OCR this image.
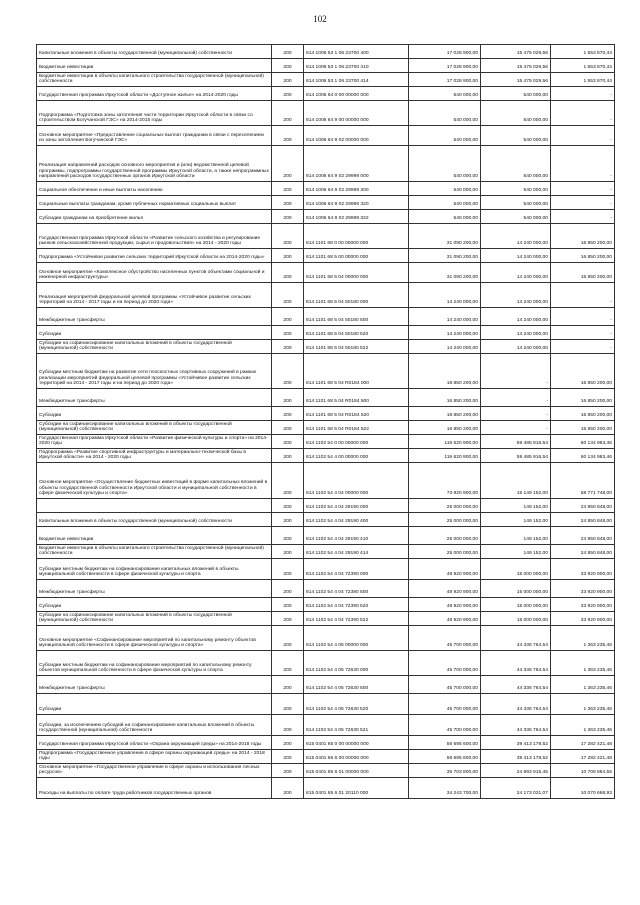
102
Капитальные вложения в объекты государственной (муниципальной) собственности	200	814 1006 53 1 06 23700 400	17 028 900,00	15 475 029,56	1 553 870,44
Бюджетные инвестиции	200	814 1006 53 1 06 23700 410	17 028 900,00	15 475 029,56	1 553 870,44
Бюджетные инвестиции в объекты капитального строительства государственной (муниципальной) собственности	200	814 1006 53 1 06 23700 414	17 028 900,00	15 475 029,56	1 553 870,44
Государственная программа Иркутской области «Доступное жилье» на 2014-2020 годы	200	814 1006 64 0 00 00000 000	540 000,00	540 000,00	-
Подпрограмма «Подготовка зоны затопления части территории Иркутской области в связи со строительством Богучанской ГЭС» на 2014-2015 годы	200	814 1006 64 9 00 00000 000	540 000,00	540 000,00	-
Основное мероприятие «Предоставление социальных выплат гражданам в связи с переселением из зоны затопления Богучанской ГЭС»	200	814 1006 64 9 02 00000 000	540 000,00	540 000,00	-
Реализация направлений расходов основного мероприятия и (или) ведомственной целевой программы, подпрограммы государственной программы Иркутской области, а также непрограммных направлений расходов государственных органов Иркутской области	200	814 1006 64 9 02 29999 000	540 000,00	540 000,00	-
Социальное обеспечение и иные выплаты населению	200	814 1006 64 9 02 29999 300	540 000,00	540 000,00	-
Социальные выплаты гражданам, кроме публичных нормативных социальных выплат	200	814 1006 64 9 02 29999 320	540 000,00	540 000,00	-
Субсидии гражданам на приобретение жилья	200	814 1006 64 9 02 29999 322	540 000,00	540 000,00	-
Государственная программа Иркутской области «Развитие сельского хозяйства и регулирование рынков сельскохозяйственной продукции, сырья и продовольствия» на 2014 - 2020 годы	200	814 1101 68 0 00 00000 000	31 090 200,00	14 240 000,00	16 850 200,00
Подпрограмма «Устойчивое развитие сельских территорий Иркутской области на 2014-2020 годы»	200	814 1101 68 5 00 00000 000	31 090 200,00	14 240 000,00	16 850 200,00
Основное мероприятие «Комплексное обустройство населенных пунктов объектами социальной и инженерной инфраструктуры»	200	814 1101 68 5 04 00000 000	31 090 200,00	14 240 000,00	16 850 200,00
Реализация мероприятий федеральной целевой программы «Устойчивое развитие сельских территорий на 2014 - 2017 годы и на период до 2020 года»	200	814 1101 68 5 04 50180 000	14 240 000,00	14 240 000,00	-
Межбюджетные трансферты	200	814 1101 68 5 04 50180 500	14 240 000,00	14 240 000,00	-
Субсидии	200	814 1101 68 5 04 50180 520	14 240 000,00	14 240 000,00	-
Субсидии на софинансирование капитальных вложений в объекты государственной (муниципальной) собственности	200	814 1101 68 5 04 50180 522	14 240 000,00	14 240 000,00	-
Субсидии местным бюджетам на развитие сети плоскостных спортивных сооружений в рамках реализации мероприятий федеральной целевой программы «Устойчивое развитие сельских территорий на 2014 - 2017 годы и на период до 2020 года»	200	814 1101 68 5 04 R0184 000	16 850 200,00	-	16 850 200,00
Межбюджетные трансферты	200	814 1101 68 5 04 R0184 500	16 850 200,00	-	16 850 200,00
Субсидии	200	814 1101 68 5 04 R0184 520	16 850 200,00	-	16 850 200,00
Субсидии на софинансирование капитальных вложений в объекты государственной (муниципальной) собственности	200	814 1101 68 5 04 R0184 522	16 850 200,00	-	16 850 200,00
Государственная программа Иркутской области «Развитие физической культуры и спорта» на 2014-2020 годы	200	814 1102 54 0 00 00000 000	119 620 900,00	59 485 916,54	60 134 983,46
Подпрограмма «Развитие спортивной инфраструктуры и материально-технической базы в Иркутской области» на 2014 - 2020 годы	200	814 1102 54 4 00 00000 000	119 620 900,00	59 485 916,54	60 134 983,46
Основное мероприятие «Осуществление бюджетных инвестиций в форме капитальных вложений в объекты государственной собственности Иркутской области и муниципальной собственности в сфере физической культуры и спорта»	200	814 1102 54 4 04 00000 000	73 920 900,00	15 149 152,00	58 771 748,00
	200	814 1102 54 4 04 29190 000	25 000 000,00	149 152,00	24 850 848,00
Капитальные вложения в объекты государственной (муниципальной) собственности	200	814 1102 54 4 04 29190 400	25 000 000,00	149 152,00	24 850 848,00
Бюджетные инвестиции	200	814 1102 54 4 04 29190 410	25 000 000,00	149 152,00	24 850 848,00
Бюджетные инвестиции в объекты капитального строительства государственной (муниципальной) собственности	200	814 1102 54 4 04 29190 414	25 000 000,00	149 152,00	24 850 848,00
Субсидии местным бюджетам на софинансирование капитальных вложений в объекты муниципальной собственности в сфере физической культуры и спорта	200	814 1102 54 4 04 72390 000	48 920 900,00	15 000 000,00	33 920 900,00
Межбюджетные трансферты	200	814 1102 54 4 04 72390 500	48 920 900,00	15 000 000,00	33 920 900,00
Субсидии	200	814 1102 54 4 04 72390 520	48 920 900,00	15 000 000,00	33 920 900,00
Субсидии на софинансирование капитальных вложений в объекты государственной (муниципальной) собственности	200	814 1102 54 4 04 72390 522	48 920 900,00	15 000 000,00	33 920 900,00
Основное мероприятие «Софинансирование мероприятий по капитальному ремонту объектов муниципальной собственности в сфере физической культуры и спорта»	200	814 1102 54 4 05 00000 000	45 700 000,00	44 336 764,54	1 363 235,46
Субсидии местным бюджетам на софинансирование мероприятий по капитальному ремонту объектов муниципальной собственности в сфере физической культуры и спорта	200	814 1102 54 4 05 72630 000	45 700 000,00	44 336 764,54	1 363 235,46
Межбюджетные трансферты	200	814 1102 54 4 05 72630 500	45 700 000,00	44 336 764,54	1 363 235,46
Субсидии	200	814 1102 54 4 05 72630 520	45 700 000,00	44 336 764,54	1 363 235,46
Субсидии, за исключением субсидий на софинансирование капитальных вложений в объекты государственной (муниципальной) собственности	200	814 1102 54 4 05 72630 521	45 700 000,00	44 336 764,54	1 363 235,46
Государственная программа Иркутской области «Охрана окружающей среды» на 2014-2018 годы	200	815 0401 65 0 00 00000 000	56 695 600,00	39 413 178,52	17 282 421,48
Подпрограмма «Государственное управление в сфере охраны окружающей среды» на 2014 - 2018 годы	200	815 0401 65 6 00 00000 000	56 695 600,00	39 413 178,52	17 282 421,48
Основное мероприятие «Государственное управление в сфере охраны и использования лесных ресурсов»	200	815 0401 65 6 01 00000 000	35 703 800,00	24 993 915,45	10 709 884,55
Расходы на выплаты по оплате труда работников государственных органов	200	815 0401 65 6 01 20110 000	34 243 700,00	24 173 031,07	10 070 668,93
